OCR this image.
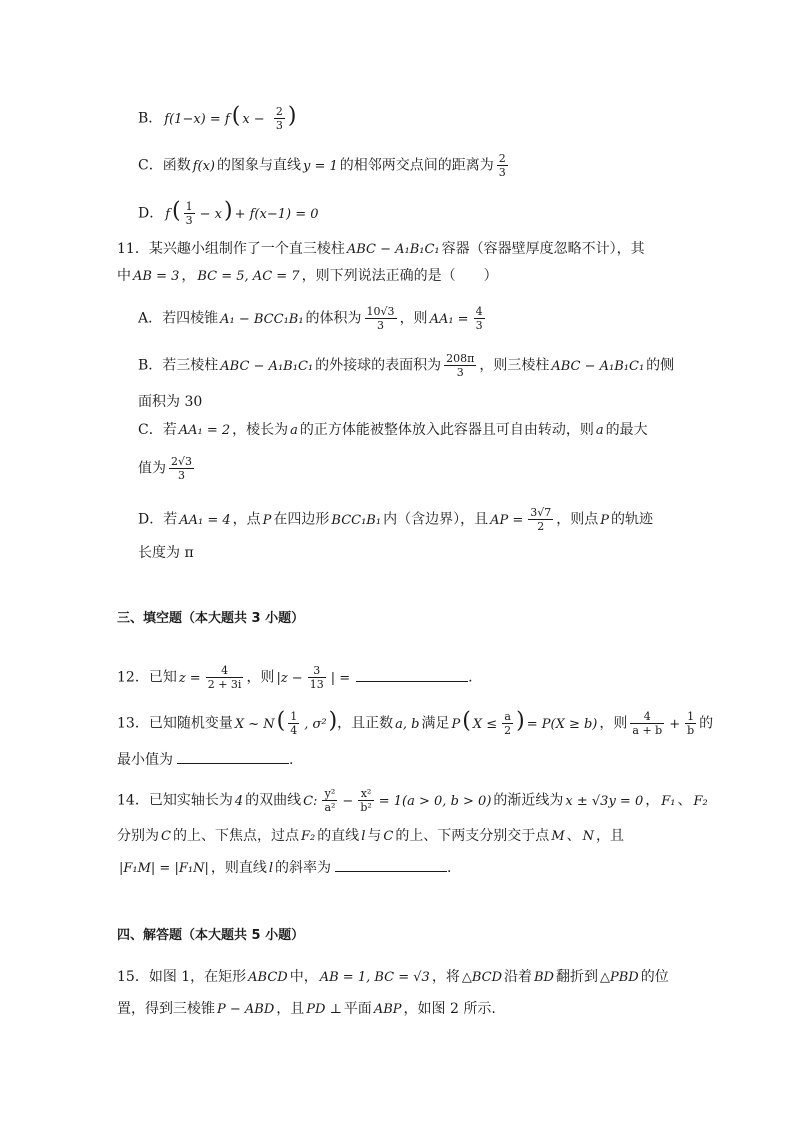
B． f(1−x) = f( $x - \frac{2}{3}$ )
C．函数 f(x) 的图象与直线 y = 1 的相邻两交点间的距离为 $\frac{2}{3}$
D． $f( \frac{1}{3} - x) + f(x-1) = 0$
11．某兴趣小组制作了一个直三棱柱 ABC − A₁B₁C₁ 容器（容器壁厚度忽略不计），其
中 AB = 3 ， BC = 5, AC = 7 ，则下列说法正确的是（　　）
A．若四棱锥 A₁ − BCC₁B₁ 的体积为 $\frac{10√3}{3}$ ，则 $AA_1 = \frac{4}{3}$
B．若三棱柱 ABC − A₁B₁C₁ 的外接球的表面积为 $\frac{208\pi}{3}$ ，则三棱柱 ABC − A₁B₁C₁ 的侧
面积为 30
C．若 AA₁ = 2 ，棱长为 a 的正方体能被整体放入此容器且可自由转动，则 a 的最大
值为 $\frac{2√3}{3}$
D．若 AA₁ = 4 ，点 P 在四边形 BCC₁B₁ 内（含边界），且 AP = $\frac{3√7}{2}$ ，则点 P 的轨迹
长度为 π
三、填空题（本大题共 3 小题）
12．已知 $z = \frac{4}{2 + 3i}$ ，则 $|z - \frac{3}{13}$ | =	.
13．已知随机变量 X ~ $N( \frac{1}{4}$ , σ²)，且正数 a, b 满足 P( $X \le \frac{a}{2}$ ) = P(X ≥ b) ，则 $\frac{4}{a + b} + \frac{1}{b}$ 的
最小值为	.
14．已知实轴长为 4 的双曲线 C: $\frac{\text{y²}}{\text{a²}} - \frac{\text{x²}}{\text{b²}} = 1(a > 0$, b > 0) 的渐近线为 x ± √3y = 0 ， F₁ 、 F₂
分别为 C 的上、下焦点，过点 F₂ 的直线 l 与 C 的上、下两支分别交于点 M 、 N ，且
|F₁M| = |F₁N| ，则直线 l 的斜率为	.
四、解答题（本大题共 5 小题）
15．如图 1，在矩形 ABCD 中， AB = 1, BC = √3 ，将 △BCD 沿着 BD 翻折到 △PBD 的位
置，得到三棱锥 P − ABD ，且 PD ⊥ 平面 ABP ，如图 2 所示.
